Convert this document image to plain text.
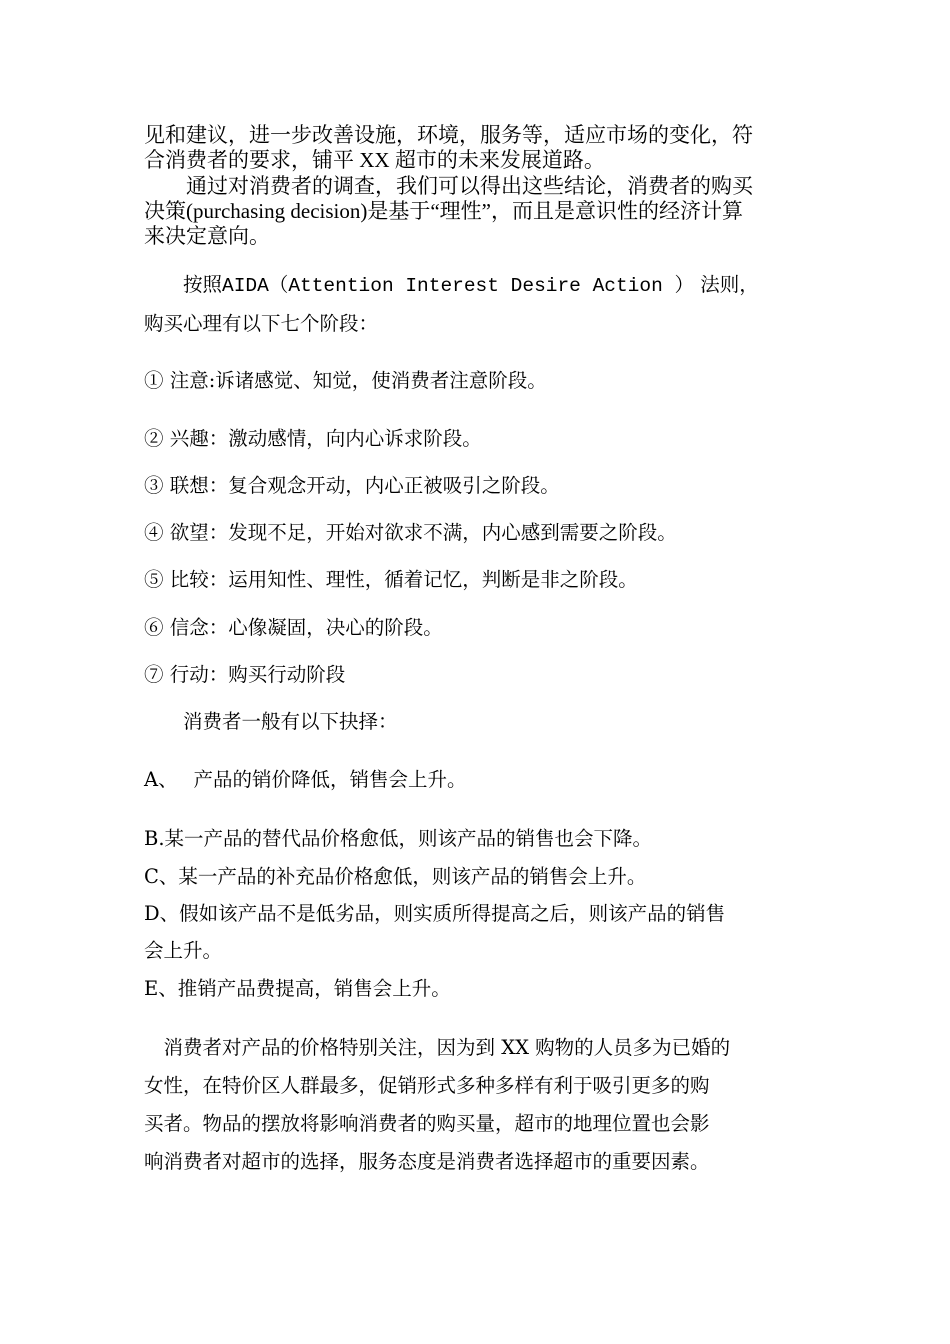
见和建议，进一步改善设施，环境，服务等，适应市场的变化，符
合消费者的要求，铺平 XX 超市的未来发展道路。
　　通过对消费者的调查，我们可以得出这些结论，消费者的购买
决策(purchasing decision)是基于“理性”，而且是意识性的经济计算
来决定意向。
　　按照AIDA（Attention Interest Desire Action ） 法则，
购买心理有以下七个阶段：
① 注意:诉诸感觉、知觉，使消费者注意阶段。
② 兴趣：激动感情，向内心诉求阶段。
③ 联想：复合观念开动，内心正被吸引之阶段。
④ 欲望：发现不足，开始对欲求不满，内心感到需要之阶段。
⑤ 比较：运用知性、理性，循着记忆，判断是非之阶段。
⑥ 信念：心像凝固，决心的阶段。
⑦ 行动：购买行动阶段
　　消费者一般有以下抉择：
A、　 产品的销价降低，销售会上升。
B.某一产品的替代品价格愈低，则该产品的销售也会下降。
C、某一产品的补充品价格愈低，则该产品的销售会上升。
D、假如该产品不是低劣品，则实质所得提高之后，则该产品的销售
会上升。
E、推销产品费提高，销售会上升。
　消费者对产品的价格特别关注，因为到 XX 购物的人员多为已婚的
女性，在特价区人群最多，促销形式多种多样有利于吸引更多的购
买者。物品的摆放将影响消费者的购买量，超市的地理位置也会影
响消费者对超市的选择，服务态度是消费者选择超市的重要因素。
